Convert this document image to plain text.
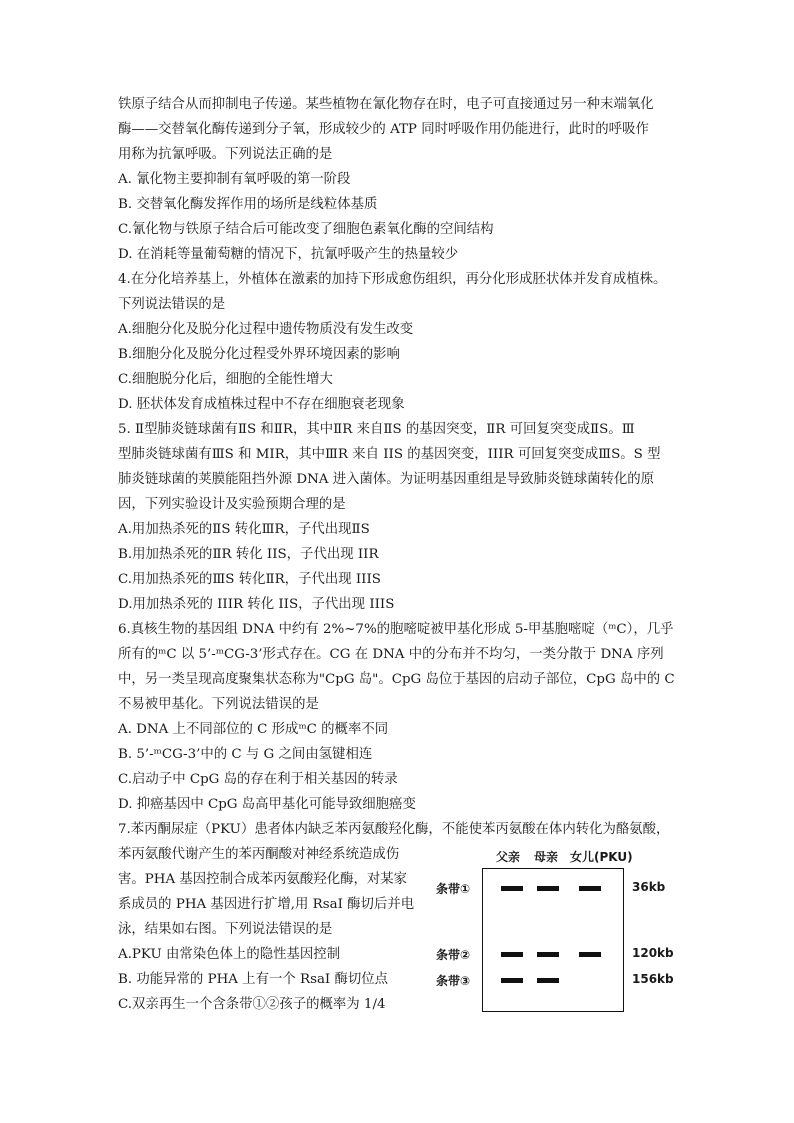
铁原子结合从而抑制电子传递。某些植物在氰化物存在时，电子可直接通过另一种末端氧化
酶——交替氧化酶传递到分子氧，形成较少的 ATP 同时呼吸作用仍能进行，此时的呼吸作
用称为抗氰呼吸。下列说法正确的是
A. 氰化物主要抑制有氧呼吸的第一阶段
B. 交替氧化酶发挥作用的场所是线粒体基质
C.氰化物与铁原子结合后可能改变了细胞色素氧化酶的空间结构
D. 在消耗等量葡萄糖的情况下，抗氰呼吸产生的热量较少
4.在分化培养基上，外植体在激素的加持下形成愈伤组织，再分化形成胚状体并发育成植株。
下列说法错误的是
A.细胞分化及脱分化过程中遗传物质没有发生改变
B.细胞分化及脱分化过程受外界环境因素的影响
C.细胞脱分化后，细胞的全能性增大
D. 胚状体发育成植株过程中不存在细胞衰老现象
5. Ⅱ型肺炎链球菌有ⅡS 和ⅡR，其中ⅡR 来自ⅡS 的基因突变，ⅡR 可回复突变成ⅡS。Ⅲ
型肺炎链球菌有ⅢS 和 MIR，其中ⅢR 来自 IIS 的基因突变，IIIR 可回复突变成ⅢS。S 型
肺炎链球菌的荚膜能阻挡外源 DNA 进入菌体。为证明基因重组是导致肺炎链球菌转化的原
因，下列实验设计及实验预期合理的是
A.用加热杀死的ⅡS 转化ⅢR，子代出现ⅡS
B.用加热杀死的ⅡR 转化 IIS，子代出现 IIR
C.用加热杀死的ⅢS 转化ⅡR，子代出现 IIIS
D.用加热杀死的 IIIR 转化 IIS，子代出现 IIIS
6.真核生物的基因组 DNA 中约有 2%~7%的胞嘧啶被甲基化形成 5-甲基胞嘧啶（ᵐC），几乎
所有的ᵐC 以 5’-ᵐCG-3’形式存在。CG 在 DNA 中的分布并不均匀，一类分散于 DNA 序列
中，另一类呈现高度聚集状态称为"CpG 岛"。CpG 岛位于基因的启动子部位，CpG 岛中的 C
不易被甲基化。下列说法错误的是
A. DNA 上不同部位的 C 形成ᵐC 的概率不同
B. 5’-ᵐCG-3’中的 C 与 G 之间由氢键相连
C.启动子中 CpG 岛的存在利于相关基因的转录
D. 抑癌基因中 CpG 岛高甲基化可能导致细胞癌变
7.苯丙酮尿症（PKU）患者体内缺乏苯丙氨酸羟化酶，不能使苯丙氨酸在体内转化为酪氨酸，
苯丙氨酸代谢产生的苯丙酮酸对神经系统造成伤
害。PHA 基因控制合成苯丙氨酸羟化酶，对某家
系成员的 PHA 基因进行扩增,用 RsaI 酶切后并电
泳，结果如右图。下列说法错误的是
A.PKU 由常染色体上的隐性基因控制
B. 功能异常的 PHA 上有一个 RsaI 酶切位点
C.双亲再生一个含条带①②孩子的概率为 1/4
父亲 母亲 女儿(PKU)
条带①
条带②
条带③
36kb
120kb
156kb
